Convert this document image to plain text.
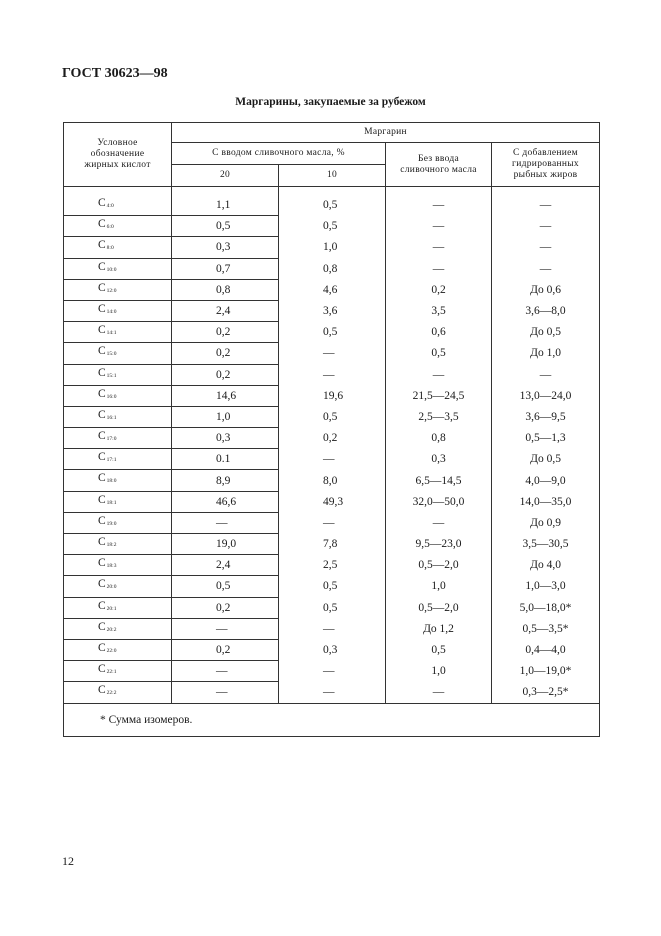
ГОСТ 30623—98
Маргарины, закупаемые за рубежом
Условное обозначение жирных кислот	Маргарин			
	С вводом сливочного масла, %		Без ввода сливочного масла	С добавлением гидрированных рыбных жиров
	20	10		

$С_{4:0}$	1,1	0,5	—	—
$С_{6:0}$	0,5	0,5	—	—
$С_{8:0}$	0,3	1,0	—	—
$С_{10:0}$	0,7	0,8	—	—
$С_{12:0}$	0,8	4,6	0,2	До 0,6
$С_{14:0}$	2,4	3,6	3,5	3,6—8,0
$С_{14:1}$	0,2	0,5	0,6	До 0,5
$С_{15:0}$	0,2	—	0,5	До 1,0
$С_{15:1}$	0,2	—	—	—
$С_{16:0}$	14,6	19,6	21,5—24,5	13,0—24,0
$С_{16:1}$	1,0	0,5	2,5—3,5	3,6—9,5
$С_{17:0}$	0,3	0,2	0,8	0,5—1,3
$С_{17:1}$	0.1	—	0,3	До 0,5
$С_{18:0}$	8,9	8,0	6,5—14,5	4,0—9,0
$С_{18:1}$	46,6	49,3	32,0—50,0	14,0—35,0
$С_{19:0}$	—	—	—	До 0,9
$С_{18:2}$	19,0	7,8	9,5—23,0	3,5—30,5
$С_{18:3}$	2,4	2,5	0,5—2,0	До 4,0
$С_{20:0}$	0,5	0,5	1,0	1,0—3,0
$С_{20:1}$	0,2	0,5	0,5—2,0	5,0—18,0*
$С_{20:2}$	—	—	До 1,2	0,5—3,5*
$С_{22:0}$	0,2	0,3	0,5	0,4—4,0
$С_{22:1}$	—	—	1,0	1,0—19,0*
$С_{22:2}$	—	—	—	0,3—2,5*
* Сумма изомеров.				
12
